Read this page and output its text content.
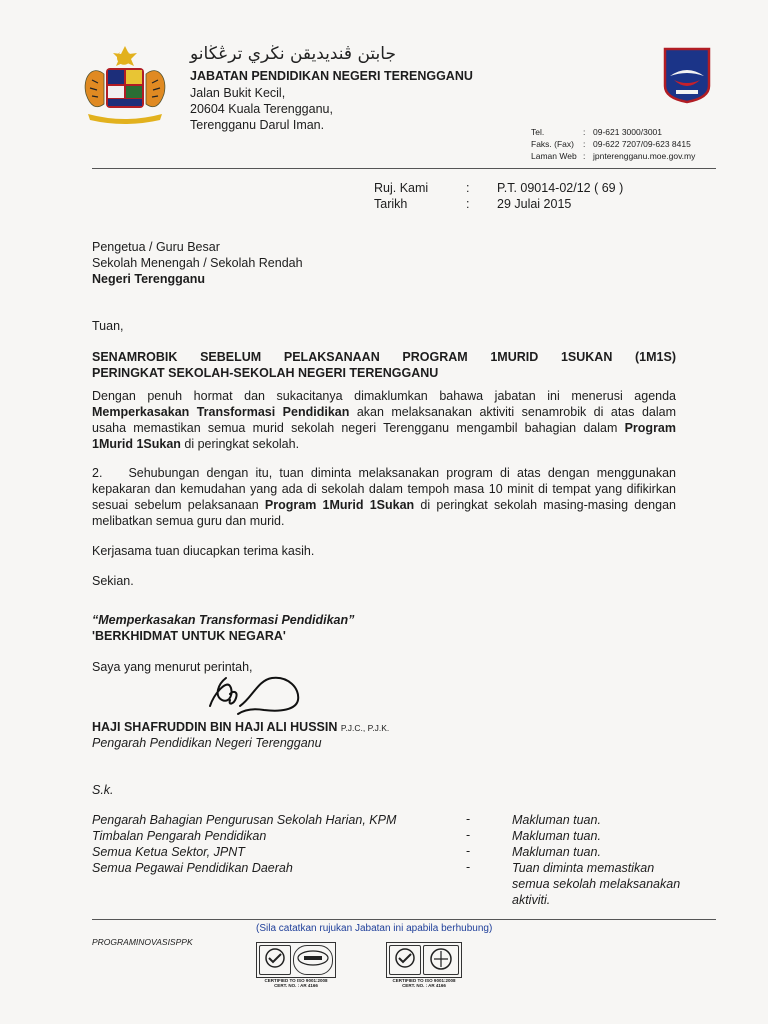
جابتن ڤنديديقن نڬري ترڠڬانو
JABATAN PENDIDIKAN NEGERI TERENGGANU
Jalan Bukit Kecil,
20604 Kuala Terengganu,
Terengganu Darul Iman.	Tel.	: 09-621 3000/3001
Faks. (Fax)	: 09-622 7207/09-623 8415
Laman Web : jpnterengganu.moe.gov.my
Ruj. Kami	: P.T. 09014-02/12 ( 69 )
Tarikh	: 29 Julai 2015
Pengetua / Guru Besar
Sekolah Menengah / Sekolah Rendah
Negeri Terengganu
Tuan,
SENAMROBIK SEBELUM PELAKSANAAN PROGRAM 1MURID 1SUKAN (1M1S)
PERINGKAT SEKOLAH-SEKOLAH NEGERI TERENGGANU
Dengan penuh hormat dan sukacitanya dimaklumkan bahawa jabatan ini menerusi agenda Memperkasakan Transformasi Pendidikan akan melaksanakan aktiviti senamrobik di atas dalam usaha memastikan semua murid sekolah negeri Terengganu mengambil bahagian dalam Program 1Murid 1Sukan di peringkat sekolah.
2. Sehubungan dengan itu, tuan diminta melaksanakan program di atas dengan menggunakan kepakaran dan kemudahan yang ada di sekolah dalam tempoh masa 10 minit di tempat yang difikirkan sesuai sebelum pelaksanaan Program 1Murid 1Sukan di peringkat sekolah masing-masing dengan melibatkan semua guru dan murid.
Kerjasama tuan diucapkan terima kasih.
Sekian.
“Memperkasakan Transformasi Pendidikan”
'BERKHIDMAT UNTUK NEGARA'
Saya yang menurut perintah,
HAJI SHAFRUDDIN BIN HAJI ALI HUSSIN P.J.C., P.J.K.
Pengarah Pendidikan Negeri Terengganu
S.k.
Pengarah Bahagian Pengurusan Sekolah Harian, KPM	-	Makluman tuan.
Timbalan Pengarah Pendidikan	-	Makluman tuan.
Semua Ketua Sektor, JPNT	-	Makluman tuan.
Semua Pegawai Pendidikan Daerah	-	Tuan diminta memastikan semua sekolah melaksanakan aktiviti.
(Sila catatkan rujukan Jabatan ini apabila berhubung)
PROGRAMINOVASISPPK
CERTIFIED TO ISO 9001:2008
CERT. NO. : AR 4166
CERTIFIED TO ISO 9001:2008
CERT. NO. : AR 4166
